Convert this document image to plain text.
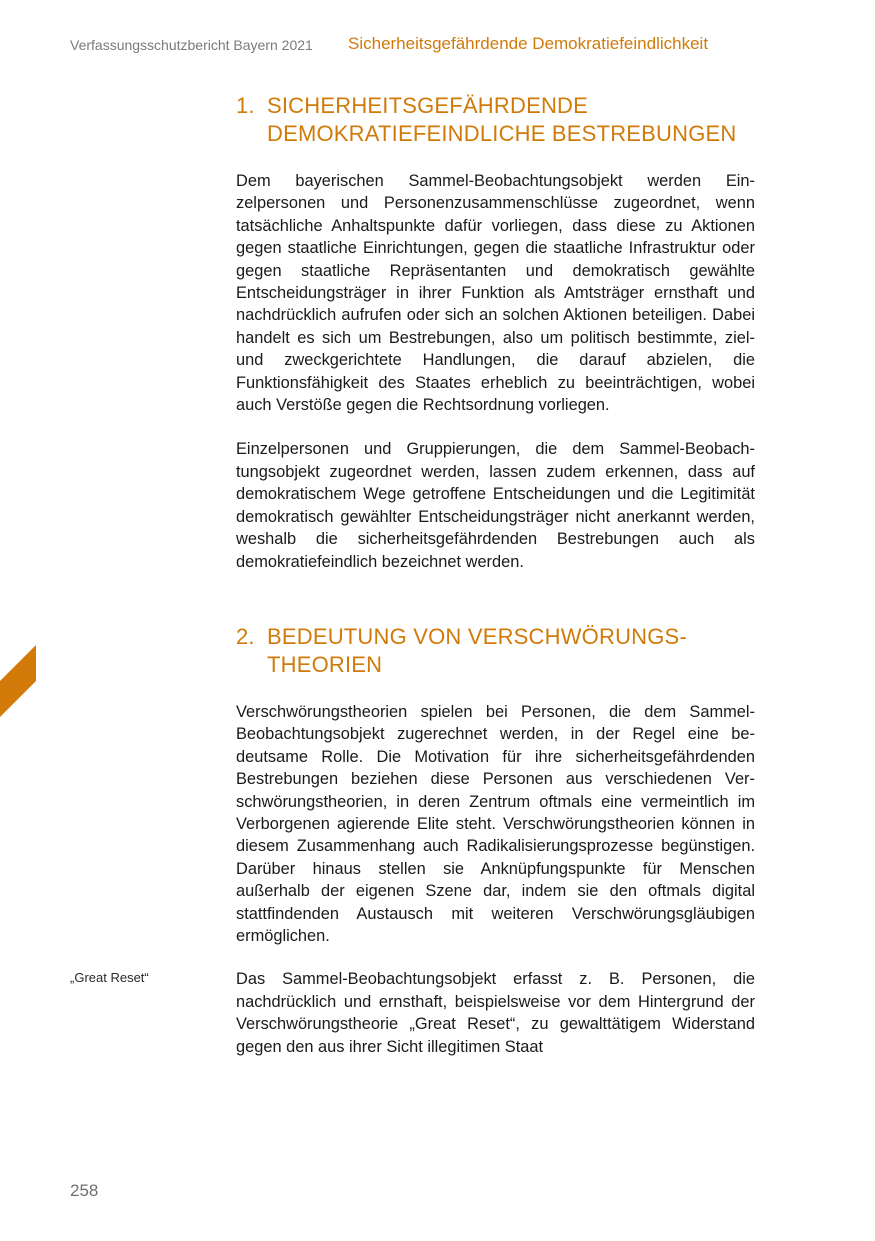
Verfassungsschutzbericht Bayern 2021 Sicherheitsgefährdende Demokratiefeindlichkeit
1. SICHERHEITSGEFÄHRDENDE DEMOKRATIEFEINDLICHE BESTREBUNGEN

Dem bayerischen Sammel-Beobachtungsobjekt werden Einzelpersonen und Personenzusammenschlüsse zugeordnet, wenn tatsächliche Anhaltspunkte dafür vorliegen, dass diese zu Aktionen gegen staatliche Einrichtungen, gegen die staatliche Infrastruktur oder gegen staatliche Repräsentanten und demokratisch gewählte Entscheidungsträger in ihrer Funktion als Amtsträger ernsthaft und nachdrücklich aufrufen oder sich an solchen Aktionen beteiligen. Dabei handelt es sich um Bestrebungen, also um politisch bestimmte, ziel- und zweckgerichtete Handlungen, die darauf abzielen, die Funktionsfähigkeit des Staates erheblich zu beeinträchtigen, wobei auch Verstöße gegen die Rechtsordnung vorliegen.

Einzelpersonen und Gruppierungen, die dem Sammel-Beobachtungsobjekt zugeordnet werden, lassen zudem erkennen, dass auf demokratischem Wege getroffene Entscheidungen und die Legitimität demokratisch gewählter Entscheidungsträger nicht anerkannt werden, weshalb die sicherheitsgefährdenden Bestrebungen auch als demokratiefeindlich bezeichnet werden.

2. BEDEUTUNG VON VERSCHWÖRUNGSTHEORIEN

Verschwörungstheorien spielen bei Personen, die dem Sammel-Beobachtungsobjekt zugerechnet werden, in der Regel eine bedeutsame Rolle. Die Motivation für ihre sicherheitsgefährdenden Bestrebungen beziehen diese Personen aus verschiedenen Verschwörungstheorien, in deren Zentrum oftmals eine vermeintlich im Verborgenen agierende Elite steht. Verschwörungstheorien können in diesem Zusammenhang auch Radikalisierungsprozesse begünstigen. Darüber hinaus stellen sie Anknüpfungspunkte für Menschen außerhalb der eigenen Szene dar, indem sie den oftmals digital stattfindenden Austausch mit weiteren Verschwörungsgläubigen ermöglichen.

„Great Reset“	Das Sammel-Beobachtungsobjekt erfasst z. B. Personen, die nachdrücklich und ernsthaft, beispielsweise vor dem Hintergrund der Verschwörungstheorie „Great Reset“, zu gewalttätigem Widerstand gegen den aus ihrer Sicht illegitimen Staat

258
